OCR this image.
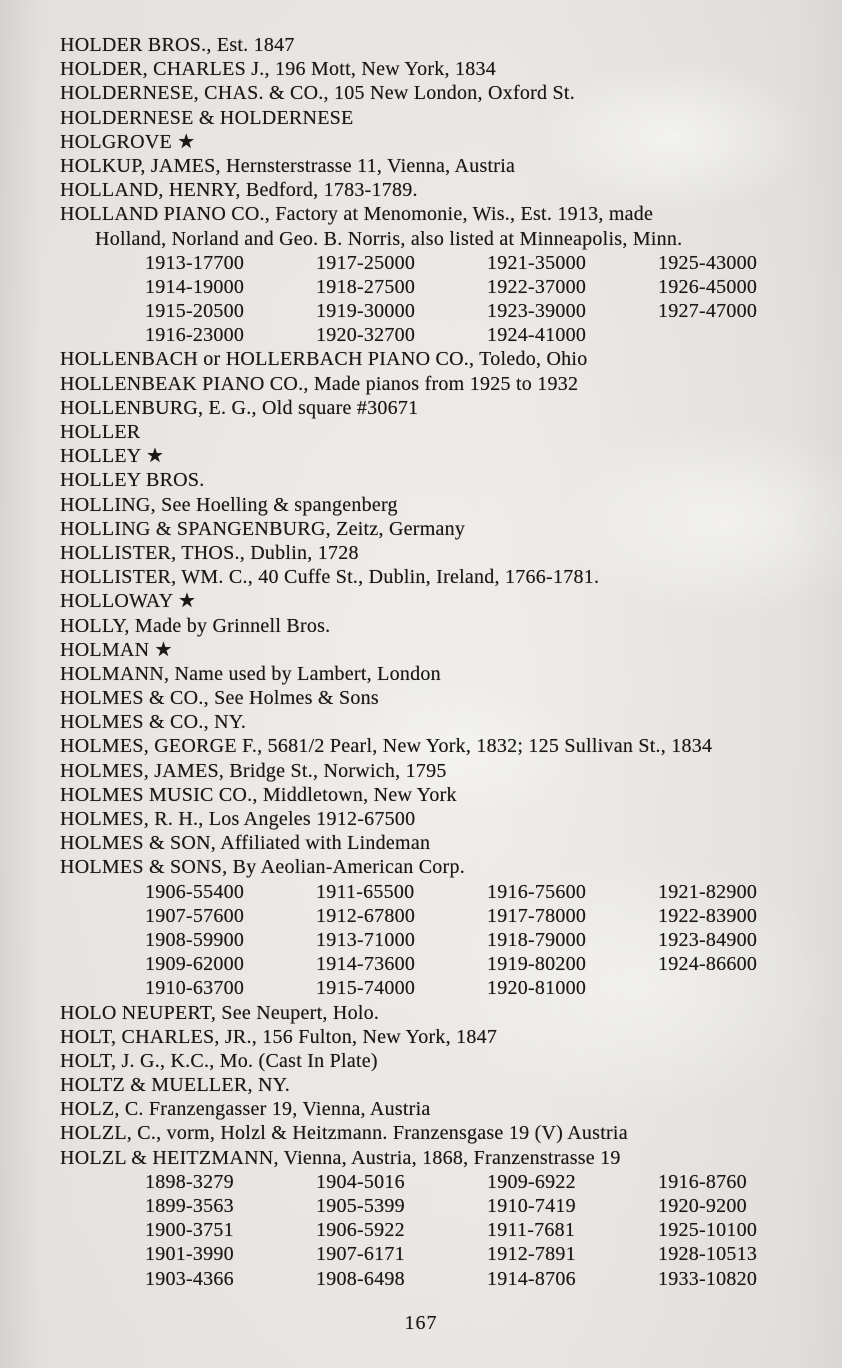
HOLDER BROS., Est. 1847
HOLDER, CHARLES J., 196 Mott, New York, 1834
HOLDERNESE, CHAS. & CO., 105 New London, Oxford St.
HOLDERNESE & HOLDERNESE
HOLGROVE ★
HOLKUP, JAMES, Hernsterstrasse 11, Vienna, Austria
HOLLAND, HENRY, Bedford, 1783-1789.
HOLLAND PIANO CO., Factory at Menomonie, Wis., Est. 1913, made
Holland, Norland and Geo. B. Norris, also listed at Minneapolis, Minn.
1913-17700	1917-25000	1921-35000	1925-43000
1914-19000	1918-27500	1922-37000	1926-45000
1915-20500	1919-30000	1923-39000	1927-47000
1916-23000	1920-32700	1924-41000
HOLLENBACH or HOLLERBACH PIANO CO., Toledo, Ohio
HOLLENBEAK PIANO CO., Made pianos from 1925 to 1932
HOLLENBURG, E. G., Old square #30671
HOLLER
HOLLEY ★
HOLLEY BROS.
HOLLING, See Hoelling & spangenberg
HOLLING & SPANGENBURG, Zeitz, Germany
HOLLISTER, THOS., Dublin, 1728
HOLLISTER, WM. C., 40 Cuffe St., Dublin, Ireland, 1766-1781.
HOLLOWAY ★
HOLLY, Made by Grinnell Bros.
HOLMAN ★
HOLMANN, Name used by Lambert, London
HOLMES & CO., See Holmes & Sons
HOLMES & CO., NY.
HOLMES, GEORGE F., 5681/2 Pearl, New York, 1832; 125 Sullivan St., 1834
HOLMES, JAMES, Bridge St., Norwich, 1795
HOLMES MUSIC CO., Middletown, New York
HOLMES, R. H., Los Angeles 1912-67500
HOLMES & SON, Affiliated with Lindeman
HOLMES & SONS, By Aeolian-American Corp.
1906-55400	1911-65500	1916-75600	1921-82900
1907-57600	1912-67800	1917-78000	1922-83900
1908-59900	1913-71000	1918-79000	1923-84900
1909-62000	1914-73600	1919-80200	1924-86600
1910-63700	1915-74000	1920-81000
HOLO NEUPERT, See Neupert, Holo.
HOLT, CHARLES, JR., 156 Fulton, New York, 1847
HOLT, J. G., K.C., Mo. (Cast In Plate)
HOLTZ & MUELLER, NY.
HOLZ, C. Franzengasser 19, Vienna, Austria
HOLZL, C., vorm, Holzl & Heitzmann. Franzensgase 19 (V) Austria
HOLZL & HEITZMANN, Vienna, Austria, 1868, Franzenstrasse 19
1898-3279	1904-5016	1909-6922	1916-8760
1899-3563	1905-5399	1910-7419	1920-9200
1900-3751	1906-5922	1911-7681	1925-10100
1901-3990	1907-6171	1912-7891	1928-10513
1903-4366	1908-6498	1914-8706	1933-10820
167
